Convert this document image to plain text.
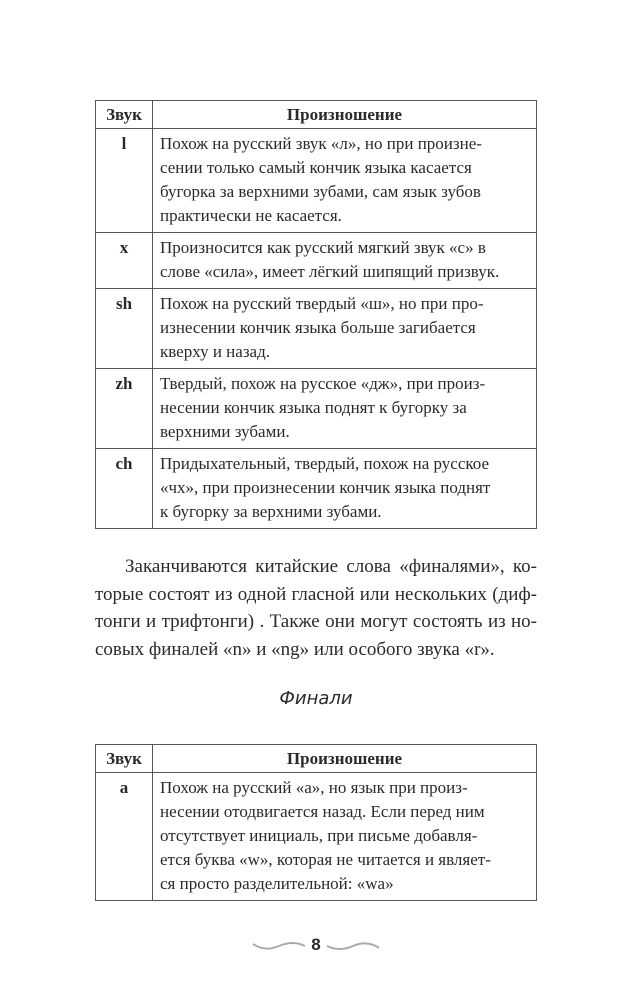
Звук	Произношение
l	Похож на русский звук «л», но при произне-
сении только самый кончик языка касается
бугорка за верхними зубами, сам язык зубов
практически не касается.

x	Произносится как русский мягкий звук «с» в
слове «сила», имеет лёгкий шипящий призвук.

sh	Похож на русский твердый «ш», но при про-
изнесении кончик языка больше загибается
кверху и назад.

zh	Твердый, похож на русское «дж», при произ-
несении кончик языка поднят к бугорку за
верхними зубами.

ch	Придыхательный, твердый, похож на русское
«чх», при произнесении кончик языка поднят
к бугорку за верхними зубами.
Заканчиваются китайские слова «финалями», ко-
торые состоят из одной гласной или нескольких (диф-
тонги и трифтонги) . Также они могут состоять из но-
совых финалей «n» и «ng» или особого звука «r».
Финали
Звук	Произношение
a	Похож на русский «а», но язык при произ-
несении отодвигается назад. Если перед ним
отсутствует инициаль, при письме добавля-
ется буква «w», которая не читается и являет-
ся просто разделительной: «wa»
8
